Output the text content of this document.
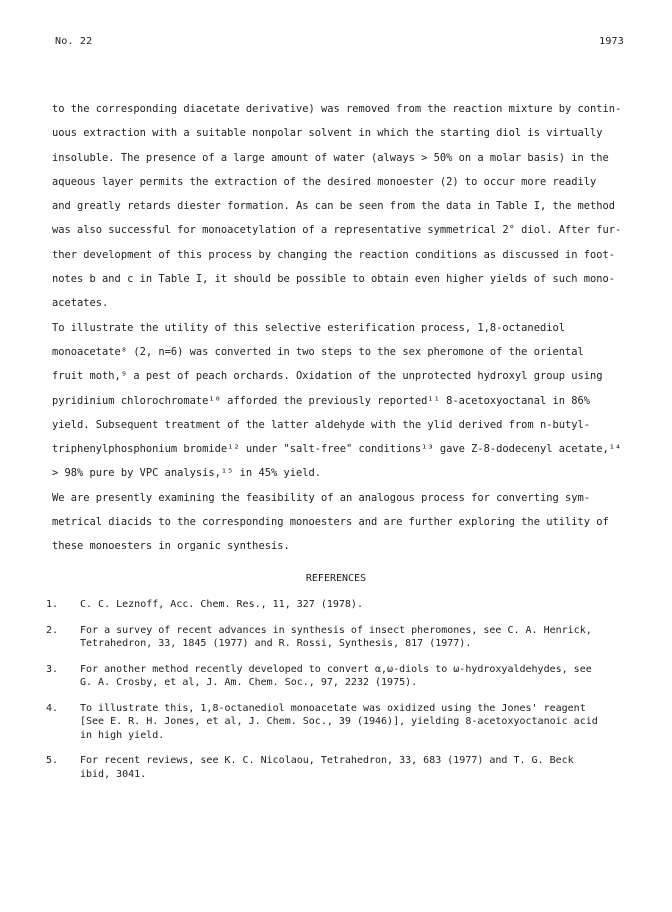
No. 22	1973
to the corresponding diacetate derivative) was removed from the reaction mixture by contin-
uous extraction with a suitable nonpolar solvent in which the starting diol is virtually
insoluble. The presence of a large amount of water (always > 50% on a molar basis) in the
aqueous layer permits the extraction of the desired monoester (2) to occur more readily
and greatly retards diester formation. As can be seen from the data in Table I, the method
was also successful for monoacetylation of a representative symmetrical 2° diol. After fur-
ther development of this process by changing the reaction conditions as discussed in foot-
notes b and c in Table I, it should be possible to obtain even higher yields of such mono-
acetates.
To illustrate the utility of this selective esterification process, 1,8-octanediol
monoacetate⁸ (2, n=6) was converted in two steps to the sex pheromone of the oriental
fruit moth,⁹ a pest of peach orchards. Oxidation of the unprotected hydroxyl group using
pyridinium chlorochromate¹⁰ afforded the previously reported¹¹ 8-acetoxyoctanal in 86%
yield. Subsequent treatment of the latter aldehyde with the ylid derived from n-butyl-
triphenylphosphonium bromide¹² under "salt-free" conditions¹³ gave Z-8-dodecenyl acetate,¹⁴
> 98% pure by VPC analysis,¹⁵ in 45% yield.
We are presently examining the feasibility of an analogous process for converting sym-
metrical diacids to the corresponding monoesters and are further exploring the utility of
these monoesters in organic synthesis.
REFERENCES
1. C. C. Leznoff, Acc. Chem. Res., 11, 327 (1978).
2. For a survey of recent advances in synthesis of insect pheromones, see C. A. Henrick,
Tetrahedron, 33, 1845 (1977) and R. Rossi, Synthesis, 817 (1977).
3. For another method recently developed to convert α,ω-diols to ω-hydroxyaldehydes, see
G. A. Crosby, et al, J. Am. Chem. Soc., 97, 2232 (1975).
4. To illustrate this, 1,8-octanediol monoacetate was oxidized using the Jones' reagent
[See E. R. H. Jones, et al, J. Chem. Soc., 39 (1946)], yielding 8-acetoxyoctanoic acid
in high yield.
5. For recent reviews, see K. C. Nicolaou, Tetrahedron, 33, 683 (1977) and T. G. Beck
ibid, 3041.
